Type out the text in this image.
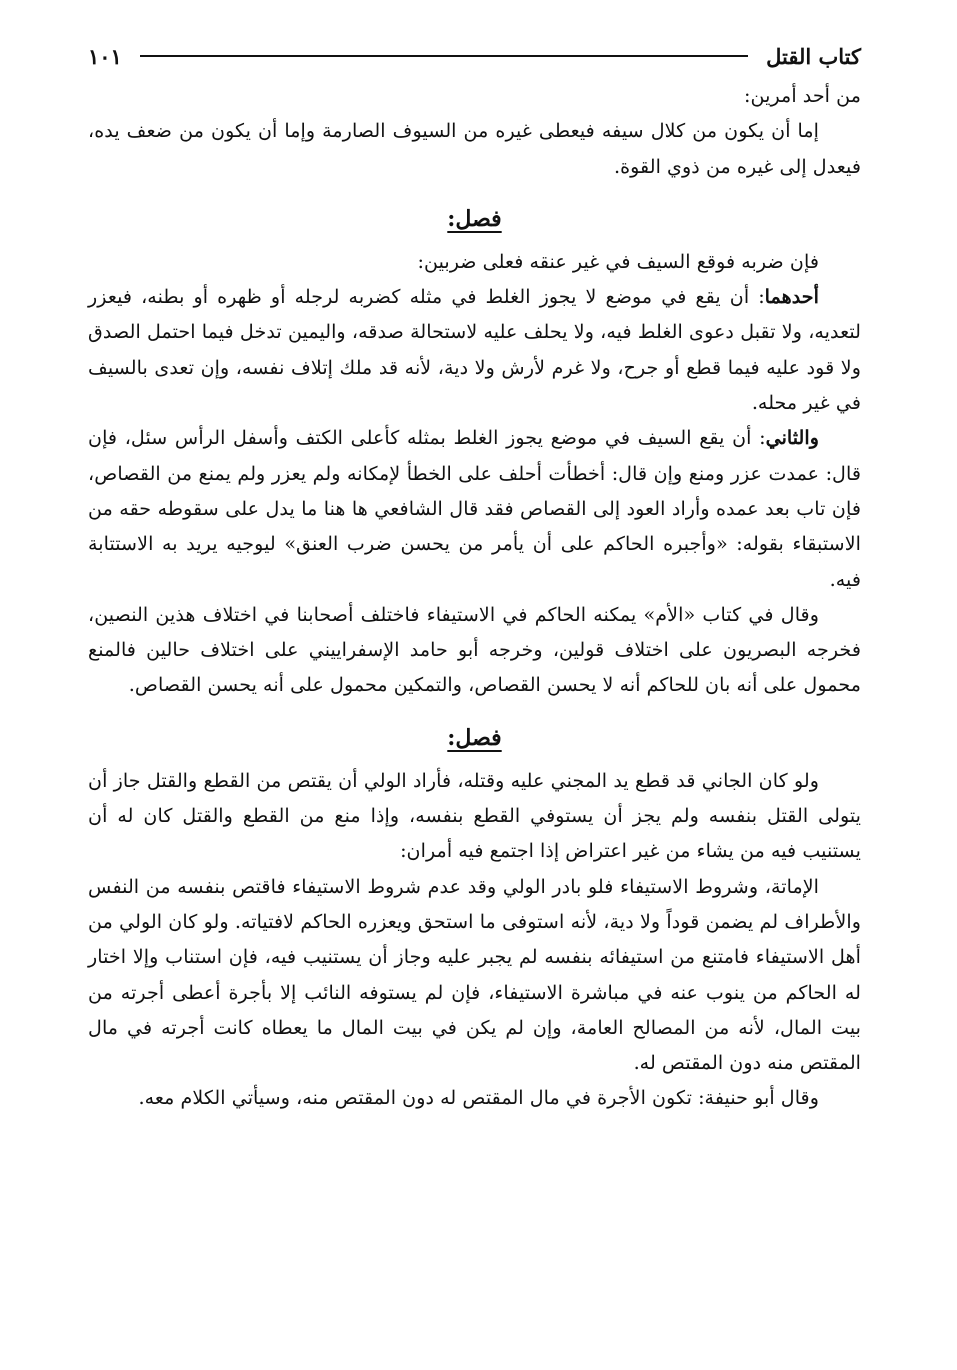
كتاب القتل
١٠١

من أحد أمرين:

إما أن يكون من كلال سيفه فيعطى غيره من السيوف الصارمة وإما أن يكون من ضعف يده، فيعدل إلى غيره من ذوي القوة.

فصل:

فإن ضربه فوقع السيف في غير عنقه فعلى ضربين:

أحدهما: أن يقع في موضع لا يجوز الغلط في مثله كضربه لرجله أو ظهره أو بطنه، فيعزر لتعديه، ولا تقبل دعوى الغلط فيه، ولا يحلف عليه لاستحالة صدقه، واليمين تدخل فيما احتمل الصدق ولا قود عليه فيما قطع أو جرح، ولا غرم لأرش ولا دية، لأنه قد ملك إتلاف نفسه، وإن تعدى بالسيف في غير محله.

والثاني: أن يقع السيف في موضع يجوز الغلط بمثله كأعلى الكتف وأسفل الرأس سئل، فإن قال: عمدت عزر ومنع وإن قال: أخطأت أحلف على الخطأ لإمكانه ولم يعزر ولم يمنع من القصاص، فإن تاب بعد عمده وأراد العود إلى القصاص فقد قال الشافعي ها هنا ما يدل على سقوطه حقه من الاستبقاء بقوله: «وأجبره الحاكم على أن يأمر من يحسن ضرب العنق» ليوجيه يريد به الاستتابة فيه.

وقال في كتاب «الأم» يمكنه الحاكم في الاستيفاء فاختلف أصحابنا في اختلاف هذين النصين، فخرجه البصريون على اختلاف قولين، وخرجه أبو حامد الإسفراييني على اختلاف حالين فالمنع محمول على أنه بان للحاكم أنه لا يحسن القصاص، والتمكين محمول على أنه يحسن القصاص.

فصل:

ولو كان الجاني قد قطع يد المجني عليه وقتله، فأراد الولي أن يقتص من القطع والقتل جاز أن يتولى القتل بنفسه ولم يجز أن يستوفي القطع بنفسه، وإذا منع من القطع والقتل كان له أن يستنيب فيه من يشاء من غير اعتراض إذا اجتمع فيه أمران:

الإماتة، وشروط الاستيفاء فلو بادر الولي وقد عدم شروط الاستيفاء فاقتص بنفسه من النفس والأطراف لم يضمن قوداً ولا دية، لأنه استوفى ما استحق ويعزره الحاكم لافتياته. ولو كان الولي من أهل الاستيفاء فامتنع من استيفائه بنفسه لم يجبر عليه وجاز أن يستنيب فيه، فإن استناب وإلا اختار له الحاكم من ينوب عنه في مباشرة الاستيفاء، فإن لم يستوفه النائب إلا بأجرة أعطى أجرته من بيت المال، لأنه من المصالح العامة، وإن لم يكن في بيت المال ما يعطاه كانت أجرته في مال المقتص منه دون المقتص له.

وقال أبو حنيفة: تكون الأجرة في مال المقتص له دون المقتص منه، وسيأتي الكلام معه.
